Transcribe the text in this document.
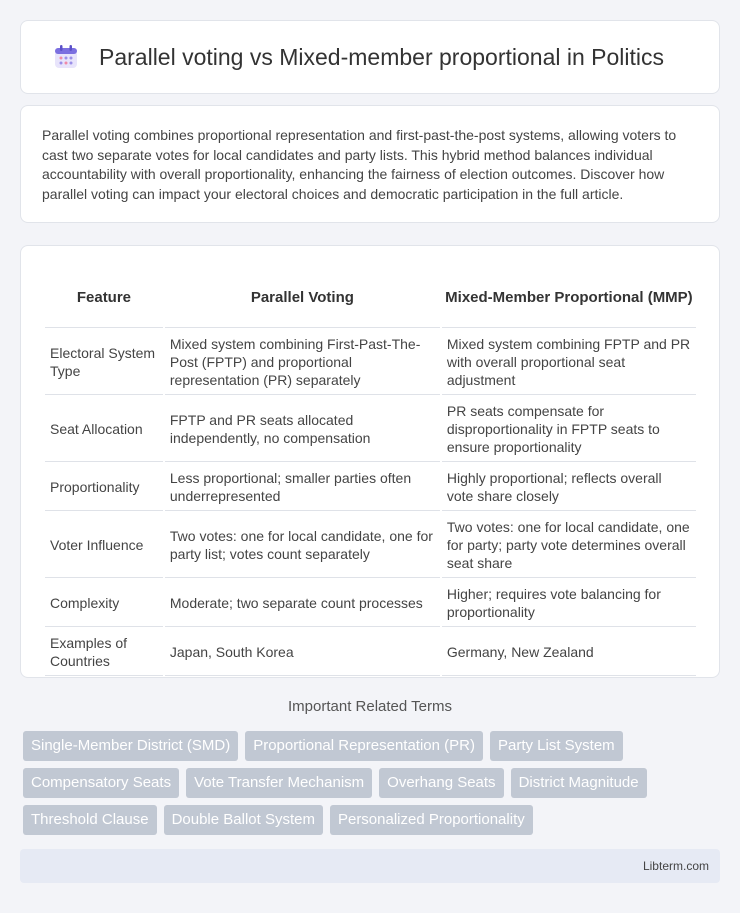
Parallel voting vs Mixed-member proportional in Politics

Parallel voting combines proportional representation and first-past-the-post systems, allowing voters to cast two separate votes for local candidates and party lists. This hybrid method balances individual accountability with overall proportionality, enhancing the fairness of election outcomes. Discover how parallel voting can impact your electoral choices and democratic participation in the full article.

Feature	Parallel Voting	Mixed-Member Proportional (MMP)
Electoral System Type	Mixed system combining First-Past-The-Post (FPTP) and proportional representation (PR) separately	Mixed system combining FPTP and PR with overall proportional seat adjustment
Seat Allocation	FPTP and PR seats allocated independently, no compensation	PR seats compensate for disproportionality in FPTP seats to ensure proportionality
Proportionality	Less proportional; smaller parties often underrepresented	Highly proportional; reflects overall vote share closely
Voter Influence	Two votes: one for local candidate, one for party list; votes count separately	Two votes: one for local candidate, one for party; party vote determines overall seat share
Complexity	Moderate; two separate count processes	Higher; requires vote balancing for proportionality
Examples of Countries	Japan, South Korea	Germany, New Zealand
Important Related Terms
Single-Member District (SMD)	Proportional Representation (PR)	Party List System
Compensatory Seats	Vote Transfer Mechanism	Overhang Seats	District Magnitude
Threshold Clause	Double Ballot System	Personalized Proportionality
Libterm.com
